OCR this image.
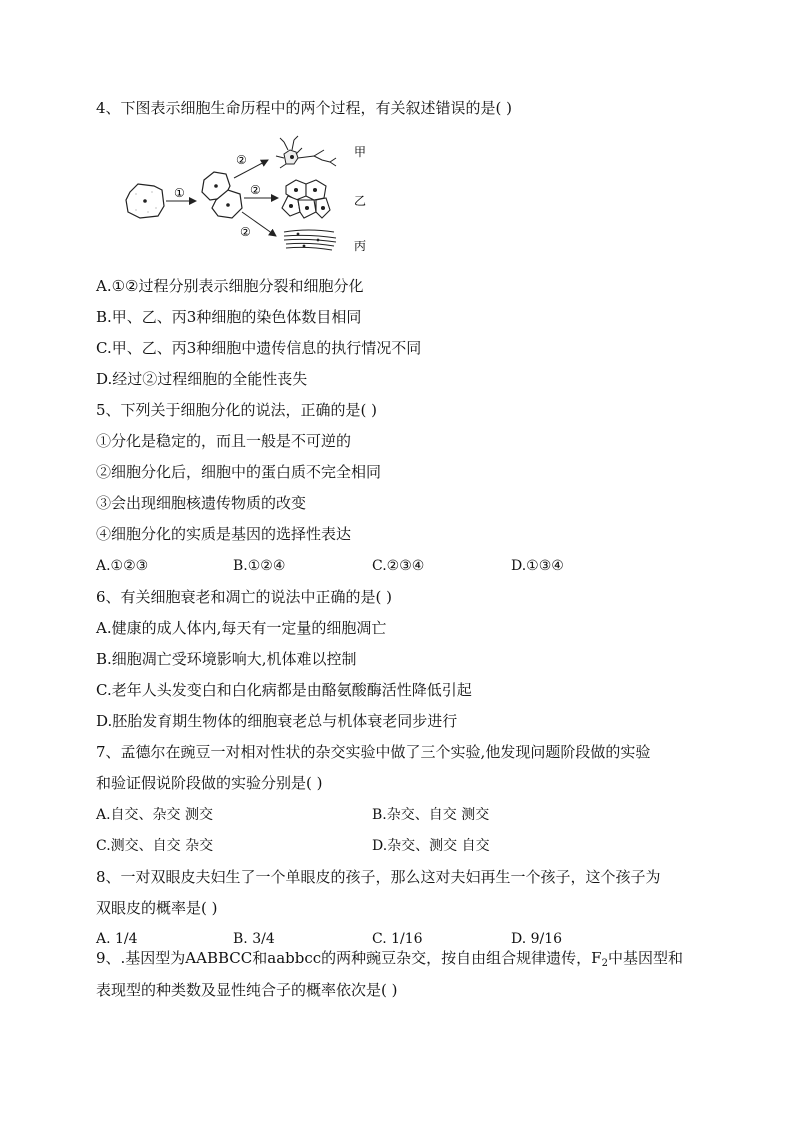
4、下图表示细胞生命历程中的两个过程，有关叙述错误的是( )
①
②
②
②
甲
乙
丙
A.①②过程分别表示细胞分裂和细胞分化
B.甲、乙、丙3种细胞的染色体数目相同
C.甲、乙、丙3种细胞中遗传信息的执行情况不同
D.经过②过程细胞的全能性丧失
5、下列关于细胞分化的说法，正确的是( )
①分化是稳定的，而且一般是不可逆的
②细胞分化后，细胞中的蛋白质不完全相同
③会出现细胞核遗传物质的改变
④细胞分化的实质是基因的选择性表达
A.①②③	B.①②④	C.②③④	D.①③④
6、有关细胞衰老和凋亡的说法中正确的是( )
A.健康的成人体内,每天有一定量的细胞凋亡
B.细胞凋亡受环境影响大,机体难以控制
C.老年人头发变白和白化病都是由酪氨酸酶活性降低引起
D.胚胎发育期生物体的细胞衰老总与机体衰老同步进行
7、孟德尔在豌豆一对相对性状的杂交实验中做了三个实验,他发现问题阶段做的实验
和验证假说阶段做的实验分别是( )
A.自交、杂交 测交	B.杂交、自交 测交
C.测交、自交 杂交	D.杂交、测交 自交
8、一对双眼皮夫妇生了一个单眼皮的孩子，那么这对夫妇再生一个孩子，这个孩子为
双眼皮的概率是( )
A. 1/4	B. 3/4	C. 1/16	D. 9/16
9、.基因型为AABBCC和aabbcc的两种豌豆杂交，按自由组合规律遗传，$F_2$中基因型和
表现型的种类数及显性纯合子的概率依次是( )
